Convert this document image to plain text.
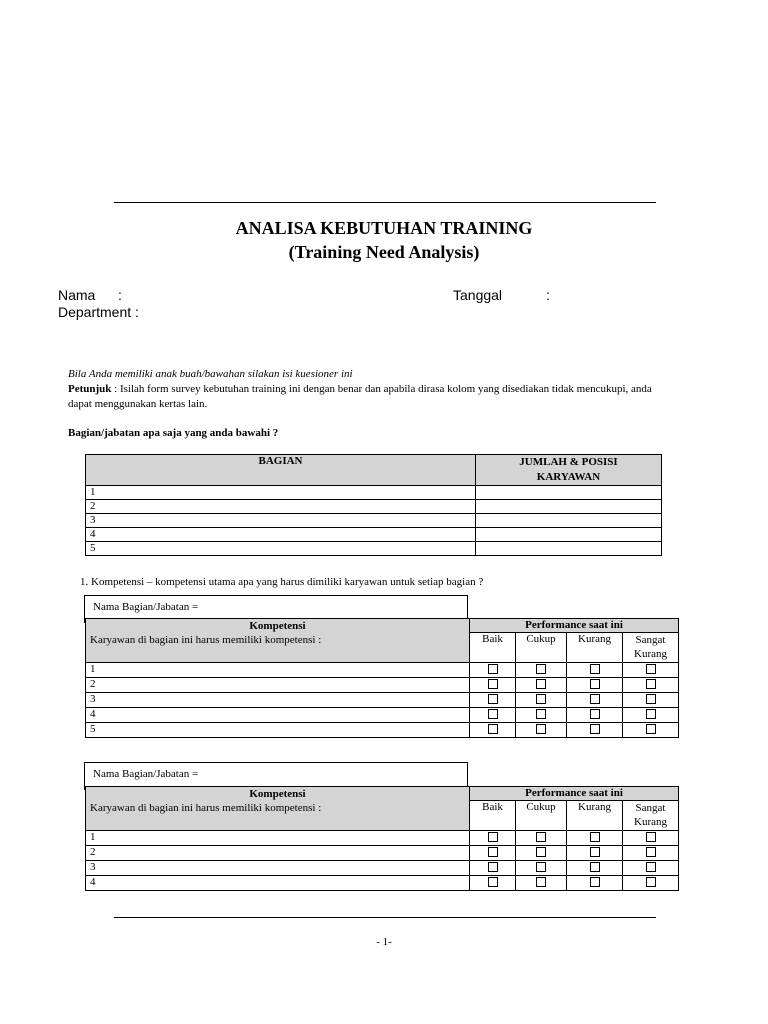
ANALISA KEBUTUHAN TRAINING
(Training Need Analysis)
Nama :	Tanggal	:
Department :
Bila Anda memiliki anak buah/bawahan silakan isi kuesioner ini
Petunjuk : Isilah form survey kebutuhan training ini dengan benar dan apabila dirasa kolom yang disediakan tidak mencukupi, anda dapat menggunakan kertas lain.
Bagian/jabatan apa saja yang anda bawahi ?
BAGIAN	JUMLAH & POSISI
KARYAWAN

1	
2	
3	
4	
5	
1. Kompetensi – kompetensi utama apa yang harus dimiliki karyawan untuk setiap bagian ?
Nama Bagian/Jabatan =
Kompetensi
Karyawan di bagian ini harus memiliki kompetensi :	Performance saat ini			
	Baik	Cukup	Kurang	Sangat
Kurang

1				
2				
3				
4				
5				
Nama Bagian/Jabatan =
Kompetensi
Karyawan di bagian ini harus memiliki kompetensi :	Performance saat ini			
	Baik	Cukup	Kurang	Sangat
Kurang

1				
2				
3				
4				
- 1-
